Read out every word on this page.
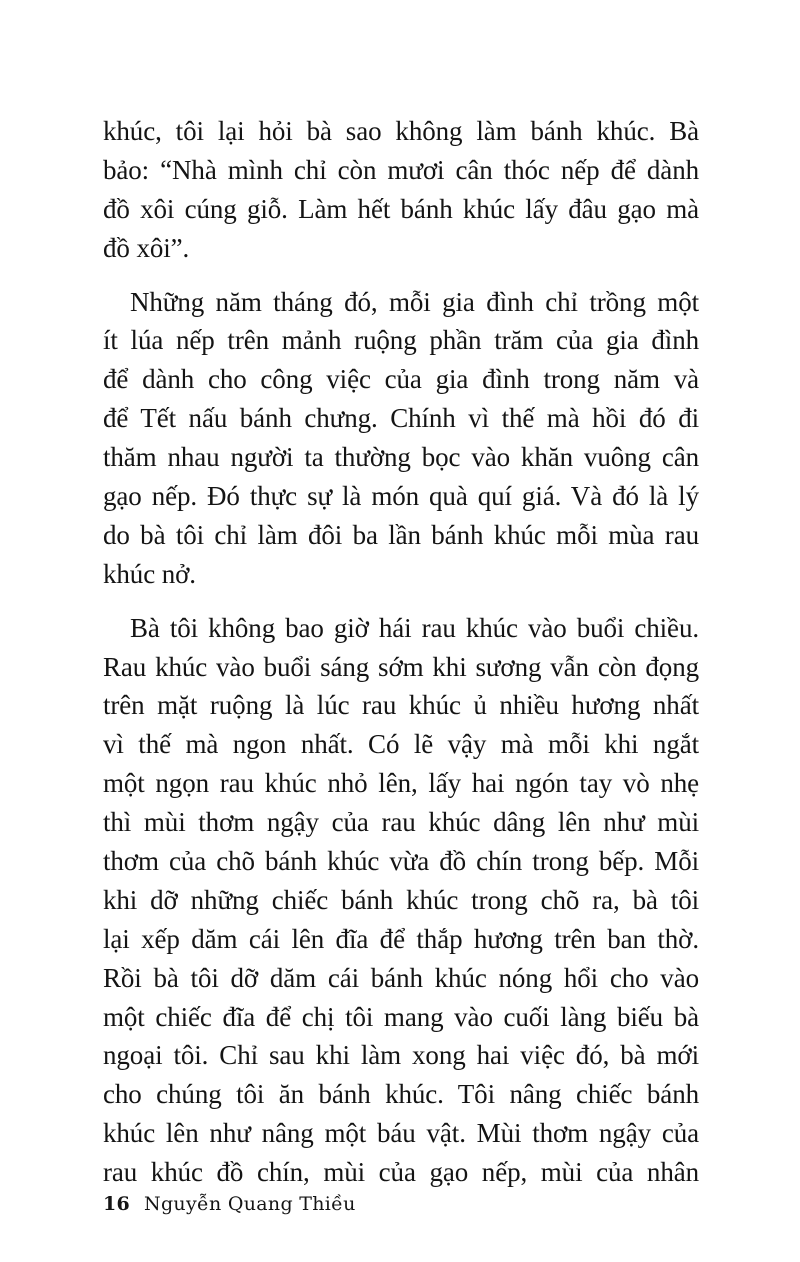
khúc, tôi lại hỏi bà sao không làm bánh khúc. Bà
bảo: “Nhà mình chỉ còn mươi cân thóc nếp để dành
đồ xôi cúng giỗ. Làm hết bánh khúc lấy đâu gạo mà
đồ xôi”.

Những năm tháng đó, mỗi gia đình chỉ trồng một
ít lúa nếp trên mảnh ruộng phần trăm của gia đình
để dành cho công việc của gia đình trong năm và
để Tết nấu bánh chưng. Chính vì thế mà hồi đó đi
thăm nhau người ta thường bọc vào khăn vuông cân
gạo nếp. Đó thực sự là món quà quí giá. Và đó là lý
do bà tôi chỉ làm đôi ba lần bánh khúc mỗi mùa rau
khúc nở.

Bà tôi không bao giờ hái rau khúc vào buổi chiều.
Rau khúc vào buổi sáng sớm khi sương vẫn còn đọng
trên mặt ruộng là lúc rau khúc ủ nhiều hương nhất
vì thế mà ngon nhất. Có lẽ vậy mà mỗi khi ngắt
một ngọn rau khúc nhỏ lên, lấy hai ngón tay vò nhẹ
thì mùi thơm ngậy của rau khúc dâng lên như mùi
thơm của chõ bánh khúc vừa đồ chín trong bếp. Mỗi
khi dỡ những chiếc bánh khúc trong chõ ra, bà tôi
lại xếp dăm cái lên đĩa để thắp hương trên ban thờ.
Rồi bà tôi dỡ dăm cái bánh khúc nóng hổi cho vào
một chiếc đĩa để chị tôi mang vào cuối làng biếu bà
ngoại tôi. Chỉ sau khi làm xong hai việc đó, bà mới
cho chúng tôi ăn bánh khúc. Tôi nâng chiếc bánh
khúc lên như nâng một báu vật. Mùi thơm ngậy của
rau khúc đồ chín, mùi của gạo nếp, mùi của nhân

16 Nguyễn Quang Thiều
